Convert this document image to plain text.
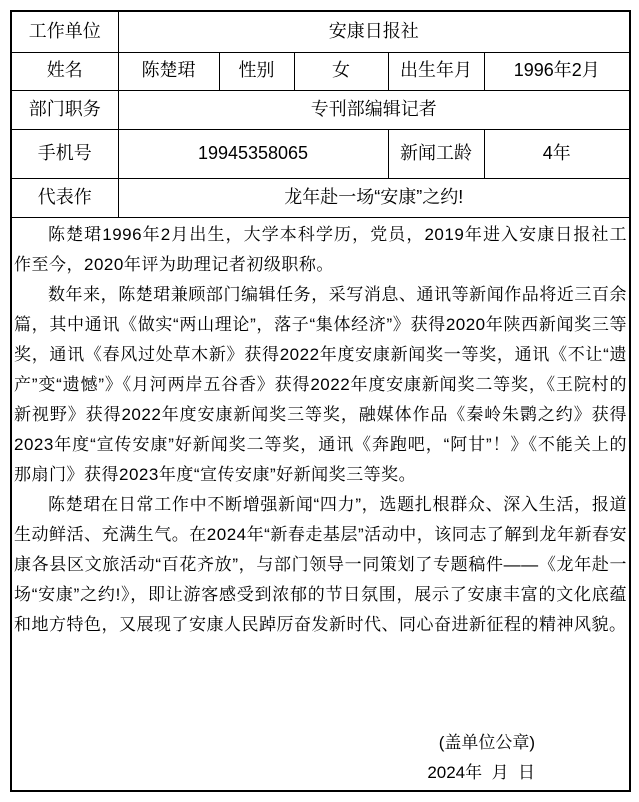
工作单位	安康日报社				
姓名	陈楚珺	性别	女	出生年月	1996年2月
部门职务	专刊部编辑记者				
手机号	19945358065			新闻工龄	4年
代表作	龙年赴一场“安康”之约!				

陈楚珺1996年2月出生，大学本科学历，党员，2019年进入安康日报社工作至今，2020年评为助理记者初级职称。

数年来，陈楚珺兼顾部门编辑任务，采写消息、通讯等新闻作品将近三百余篇，其中通讯《做实“两山理论”，落子“集体经济”》获得2020年陕西新闻奖三等奖，通讯《春风过处草木新》获得2022年度安康新闻奖一等奖，通讯《不让“遗产”变“遗憾”》《月河两岸五谷香》获得2022年度安康新闻奖二等奖，《王院村的新视野》获得2022年度安康新闻奖三等奖，融媒体作品《秦岭朱鹮之约》获得2023年度“宣传安康”好新闻奖二等奖，通讯《奔跑吧，“阿甘”！》《不能关上的那扇门》获得2023年度“宣传安康”好新闻奖三等奖。

陈楚珺在日常工作中不断增强新闻“四力”，选题扎根群众、深入生活，报道生动鲜活、充满生气。在2024年“新春走基层”活动中，该同志了解到龙年新春安康各县区文旅活动“百花齐放”，与部门领导一同策划了专题稿件——《龙年赴一场“安康”之约!》，即让游客感受到浓郁的节日氛围，展示了安康丰富的文化底蕴和地方特色，又展现了安康人民踔厉奋发新时代、同心奋进新征程的精神风貌。

(盖单位公章)
2024年  月  日					
